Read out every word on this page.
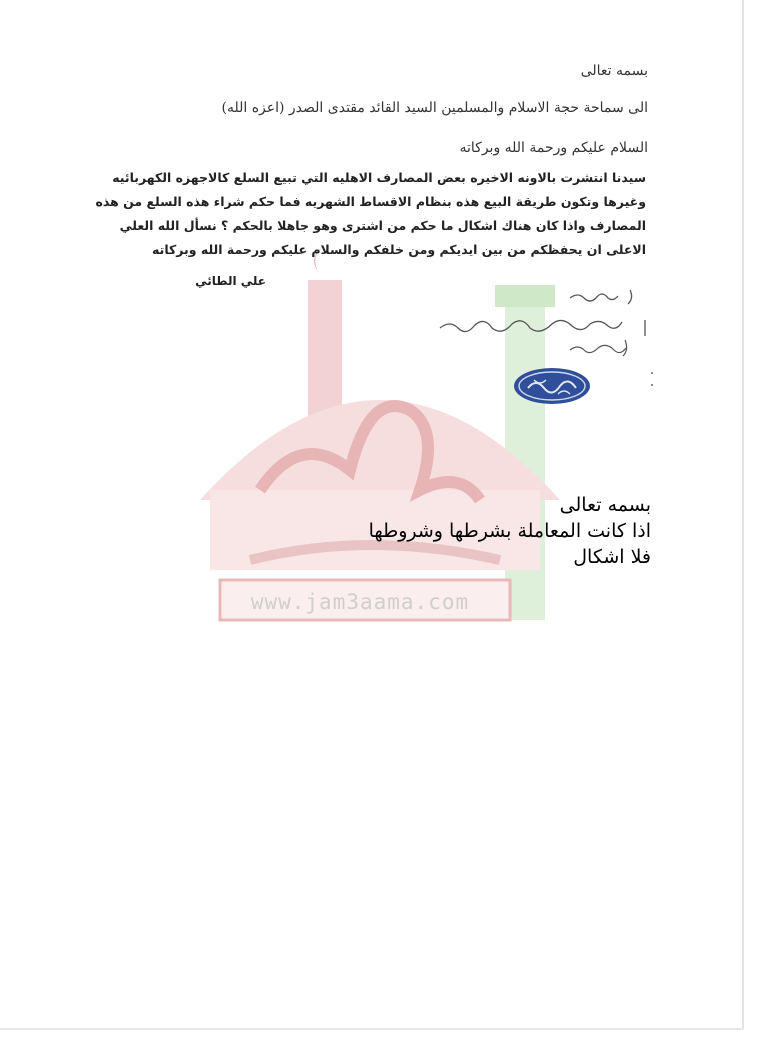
www.jam3aama.com
بسمه تعالى
الى سماحة حجة الاسلام والمسلمين السيد القائد مقتدى الصدر (اعزه الله)
السلام عليكم ورحمة الله وبركاته

سيدنا انتشرت بالاونه الاخيره بعض المصارف الاهليه التي تبيع السلع كالاجهزه الكهربائيه

وغيرها وتكون طريقة البيع هذه بنظام الاقساط الشهريه فما حكم شراء هذه السلع من هذه

المصارف واذا كان هناك اشكال ما حكم من اشترى وهو جاهلا بالحكم ؟ نسأل الله العلي

الاعلى ان يحفظكم من بين ايديكم ومن خلفكم والسلام عليكم ورحمة الله وبركاته

علي الطائي
بسمه تعالى
اذا كانت المعاملة بشرطها وشروطها
فلا اشكال
